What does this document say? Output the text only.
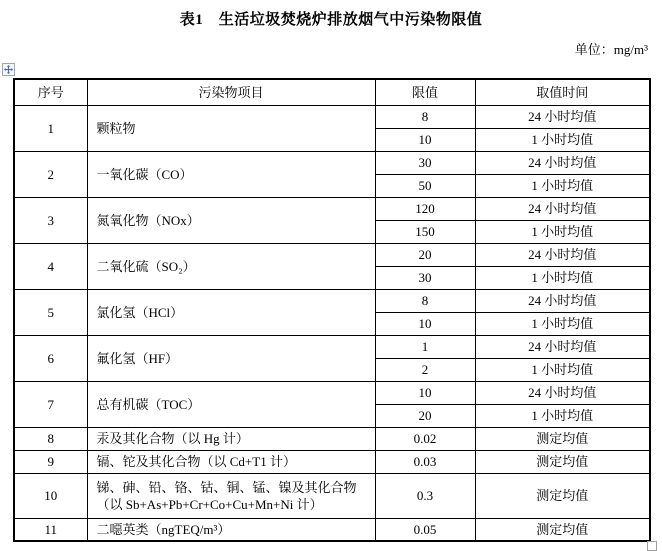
表1　生活垃圾焚烧炉排放烟气中污染物限值
单位：mg/m³
序号	污染物项目	限值	取值时间
1	颗粒物	8	24 小时均值
		10	1 小时均值
2	一氧化碳（CO）	30	24 小时均值
		50	1 小时均值
3	氮氧化物（NOx）	120	24 小时均值
		150	1 小时均值
4	二氧化硫（SO₂）	20	24 小时均值
		30	1 小时均值
5	氯化氢（HCl）	8	24 小时均值
		10	1 小时均值
6	氟化氢（HF）	1	24 小时均值
		2	1 小时均值
7	总有机碳（TOC）	10	24 小时均值
		20	1 小时均值
8	汞及其化合物（以 Hg 计）	0.02	测定均值
9	镉、铊及其化合物（以 Cd+T1 计）	0.03	测定均值
10	锑、砷、铅、铬、钴、铜、锰、镍及其化合物（以 Sb+As+Pb+Cr+Co+Cu+Mn+Ni 计）	0.3	测定均值
11	二噁英类（ngTEQ/m³）	0.05	测定均值
